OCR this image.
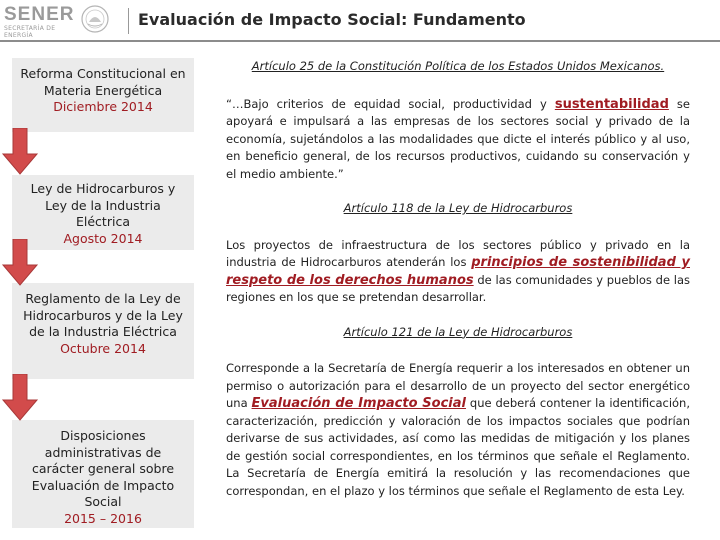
SENER
SECRETARÍA DE ENERGÍA
Evaluación de Impacto Social: Fundamento
Reforma Constitucional en Materia Energética
Diciembre 2014
Ley de Hidrocarburos y Ley de la Industria Eléctrica
Agosto 2014
Reglamento de la Ley de Hidrocarburos y de la Ley de la Industria Eléctrica
Octubre 2014
Disposiciones administrativas de carácter general sobre Evaluación de Impacto Social
2015 – 2016
Artículo 25 de la Constitución Política de los Estados Unidos Mexicanos.

“…Bajo criterios de equidad social, productividad y sustentabilidad se apoyará e impulsará a las empresas de los sectores social y privado de la economía, sujetándolos a las modalidades que dicte el interés público y al uso, en beneficio general, de los recursos productivos, cuidando su conservación y el medio ambiente.”

Artículo 118 de la Ley de Hidrocarburos

Los proyectos de infraestructura de los sectores público y privado en la industria de Hidrocarburos atenderán los principios de sostenibilidad y respeto de los derechos humanos de las comunidades y pueblos de las regiones en los que se pretendan desarrollar.

Artículo 121 de la Ley de Hidrocarburos

Corresponde a la Secretaría de Energía requerir a los interesados en obtener un permiso o autorización para el desarrollo de un proyecto del sector energético una Evaluación de Impacto Social que deberá contener la identificación, caracterización, predicción y valoración de los impactos sociales que podrían derivarse de sus actividades, así como las medidas de mitigación y los planes de gestión social correspondientes, en los términos que señale el Reglamento. La Secretaría de Energía emitirá la resolución y las recomendaciones que correspondan, en el plazo y los términos que señale el Reglamento de esta Ley.
